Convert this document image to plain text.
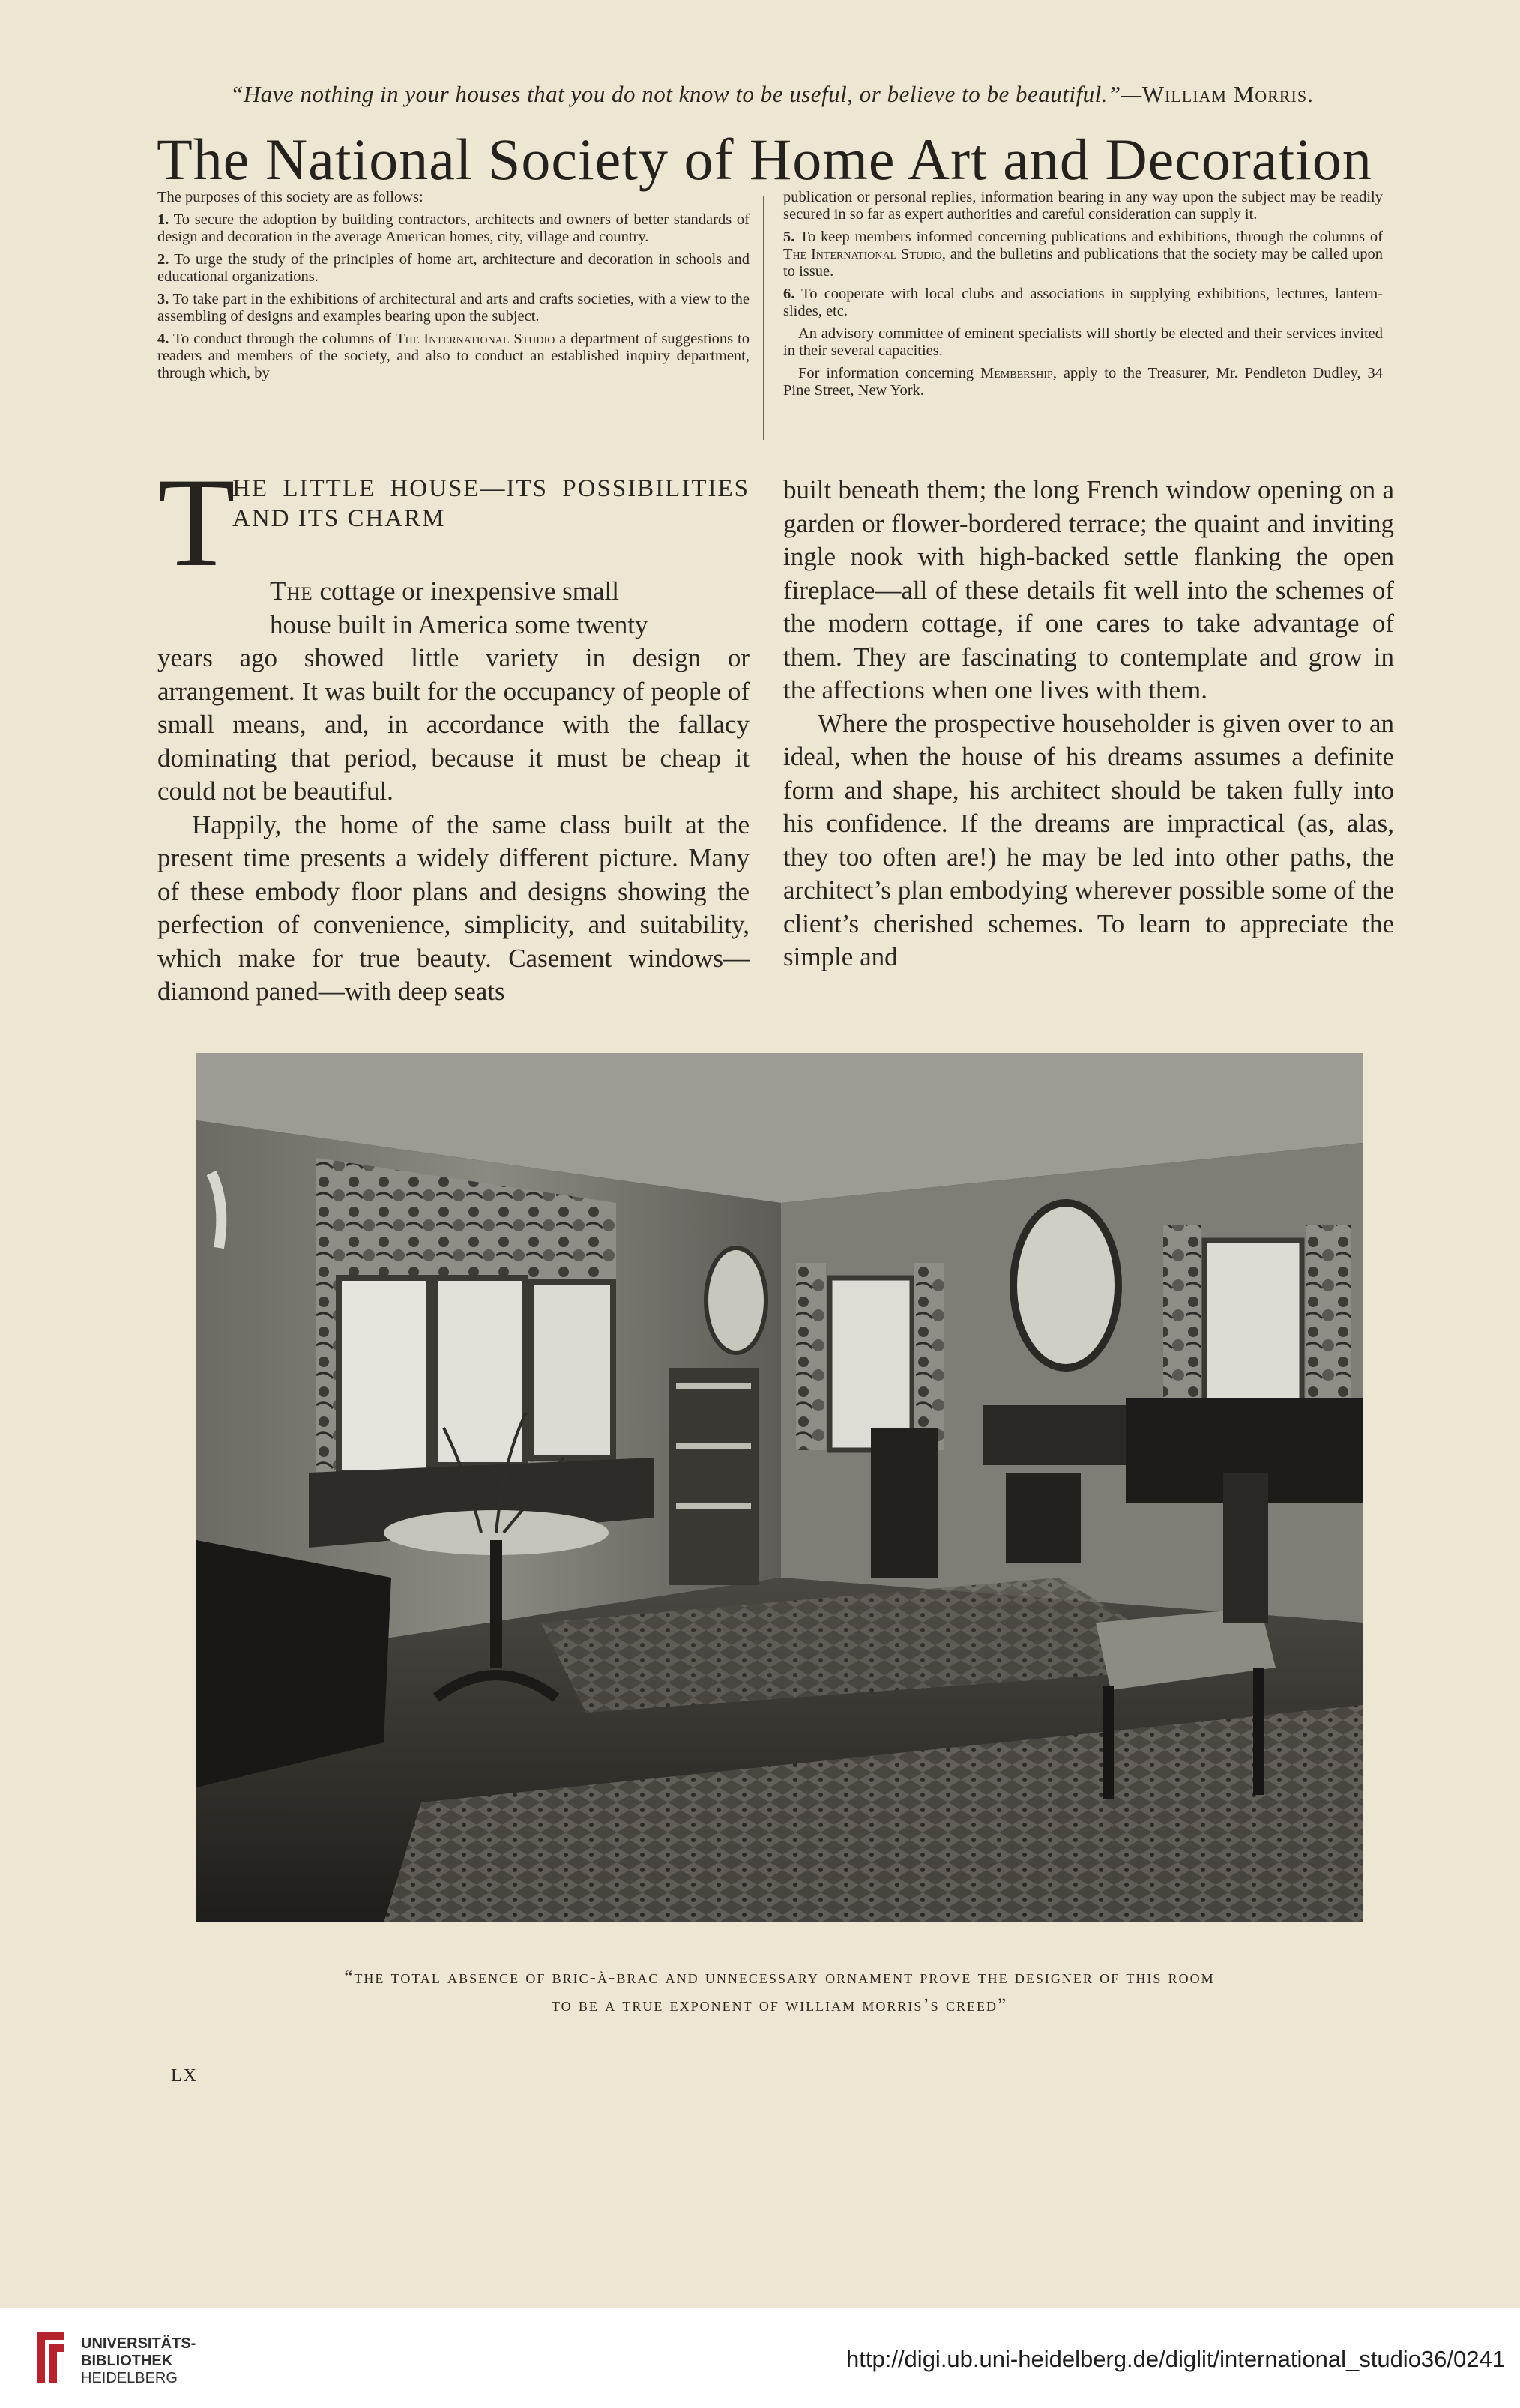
“Have nothing in your houses that you do not know to be useful, or believe to be beautiful.”—William Morris.
The National Society of Home Art and Decoration

The purposes of this society are as follows:

1. To secure the adoption by building contractors, architects and owners of better standards of design and decoration in the average American homes, city, village and country.

2. To urge the study of the principles of home art, architecture and decoration in schools and educational organizations.

3. To take part in the exhibitions of architectural and arts and crafts societies, with a view to the assembling of designs and examples bearing upon the subject.

4. To conduct through the columns of The International Studio a department of suggestions to readers and members of the society, and also to conduct an established inquiry department, through which, by

publication or personal replies, information bearing in any way upon the subject may be readily secured in so far as expert authorities and careful consideration can supply it.

5. To keep members informed concerning publications and exhibitions, through the columns of The International Studio, and the bulletins and publications that the society may be called upon to issue.

6. To cooperate with local clubs and associations in supplying exhibitions, lectures, lantern-slides, etc.

An advisory committee of eminent specialists will shortly be elected and their services invited in their several capacities.

For information concerning Membership, apply to the Treasurer, Mr. Pendleton Dudley, 34 Pine Street, New York.

T
HE LITTLE HOUSE—ITS POSSIBILITIES AND ITS CHARM

The cottage or inexpensive small
house built in America some twenty
years ago showed little variety in design or arrangement. It was built for the occupancy of people of small means, and, in accordance with the fallacy dominating that period, because it must be cheap it could not be beautiful.

Happily, the home of the same class built at the present time presents a widely different picture. Many of these embody floor plans and designs showing the perfection of convenience, simplicity, and suitability, which make for true beauty. Casement windows—diamond paned—with deep seats

built beneath them; the long French window opening on a garden or flower-bordered terrace; the quaint and inviting ingle nook with high-backed settle flanking the open fireplace—all of these details fit well into the schemes of the modern cottage, if one cares to take advantage of them. They are fascinating to contemplate and grow in the affections when one lives with them.

Where the prospective householder is given over to an ideal, when the house of his dreams assumes a definite form and shape, his architect should be taken fully into his confidence. If the dreams are impractical (as, alas, they too often are!) he may be led into other paths, the architect’s plan embodying wherever possible some of the client’s cherished schemes. To learn to appreciate the simple and

“the total absence of bric-à-brac and unnecessary ornament prove the designer of this room
to be a true exponent of william morris’s creed”
LX
UNIVERSITÄTS-
BIBLIOTHEK
HEIDELBERG
http://digi.ub.uni-heidelberg.de/diglit/international_studio36/0241
